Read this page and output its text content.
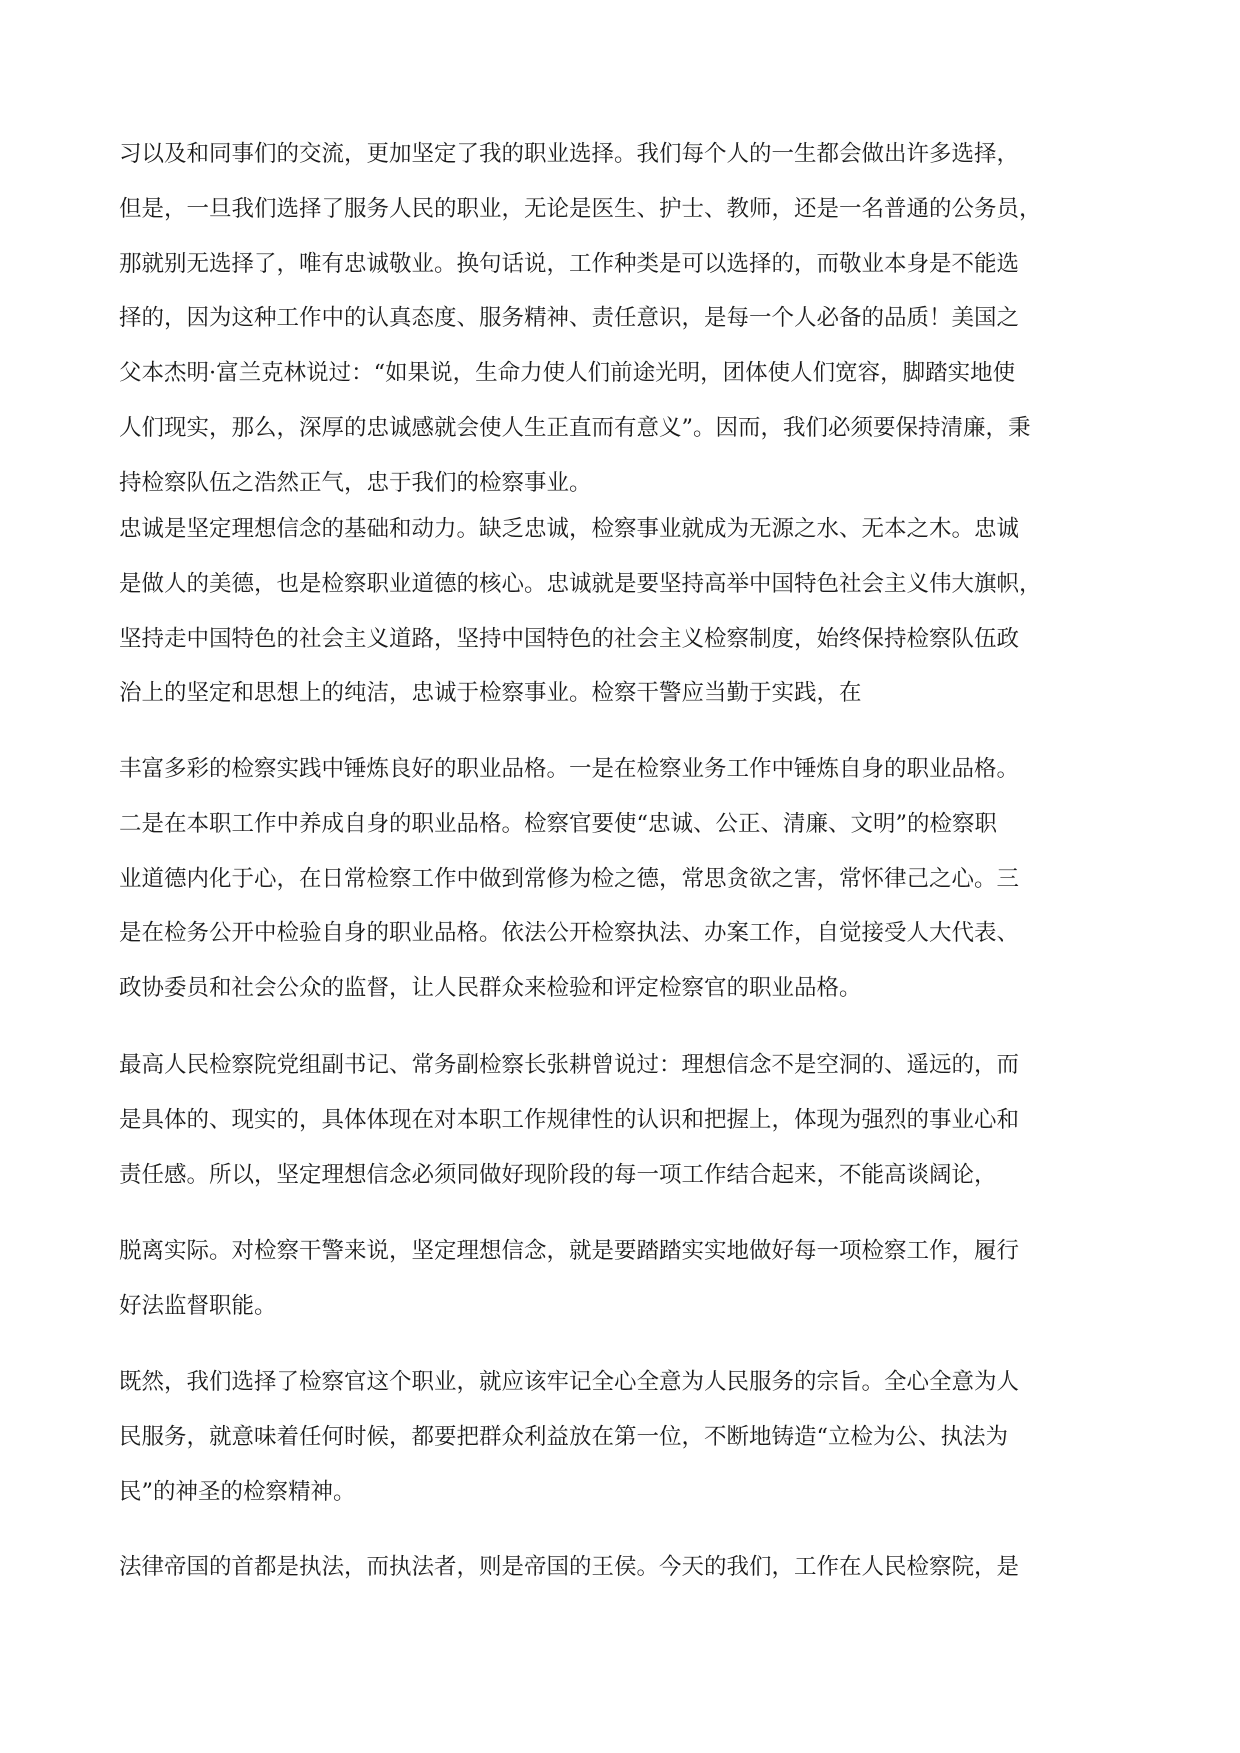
习以及和同事们的交流，更加坚定了我的职业选择。我们每个人的一生都会做出许多选择，
但是，一旦我们选择了服务人民的职业，无论是医生、护士、教师，还是一名普通的公务员，
那就别无选择了，唯有忠诚敬业。换句话说，工作种类是可以选择的，而敬业本身是不能选
择的，因为这种工作中的认真态度、服务精神、责任意识，是每一个人必备的品质！美国之
父本杰明·富兰克林说过：“如果说，生命力使人们前途光明，团体使人们宽容，脚踏实地使
人们现实，那么，深厚的忠诚感就会使人生正直而有意义”。因而，我们必须要保持清廉，秉
持检察队伍之浩然正气，忠于我们的检察事业。

忠诚是坚定理想信念的基础和动力。缺乏忠诚，检察事业就成为无源之水、无本之木。忠诚
是做人的美德，也是检察职业道德的核心。忠诚就是要坚持高举中国特色社会主义伟大旗帜，
坚持走中国特色的社会主义道路，坚持中国特色的社会主义检察制度，始终保持检察队伍政
治上的坚定和思想上的纯洁，忠诚于检察事业。检察干警应当勤于实践，在

丰富多彩的检察实践中锤炼良好的职业品格。一是在检察业务工作中锤炼自身的职业品格。
二是在本职工作中养成自身的职业品格。检察官要使“忠诚、公正、清廉、文明”的检察职
业道德内化于心，在日常检察工作中做到常修为检之德，常思贪欲之害，常怀律己之心。三
是在检务公开中检验自身的职业品格。依法公开检察执法、办案工作，自觉接受人大代表、
政协委员和社会公众的监督，让人民群众来检验和评定检察官的职业品格。

最高人民检察院党组副书记、常务副检察长张耕曾说过：理想信念不是空洞的、遥远的，而
是具体的、现实的，具体体现在对本职工作规律性的认识和把握上，体现为强烈的事业心和
责任感。所以，坚定理想信念必须同做好现阶段的每一项工作结合起来，不能高谈阔论，

脱离实际。对检察干警来说，坚定理想信念，就是要踏踏实实地做好每一项检察工作，履行
好法监督职能。

既然，我们选择了检察官这个职业，就应该牢记全心全意为人民服务的宗旨。全心全意为人
民服务，就意味着任何时候，都要把群众利益放在第一位，不断地铸造“立检为公、执法为
民”的神圣的检察精神。

法律帝国的首都是执法，而执法者，则是帝国的王侯。今天的我们，工作在人民检察院，是
